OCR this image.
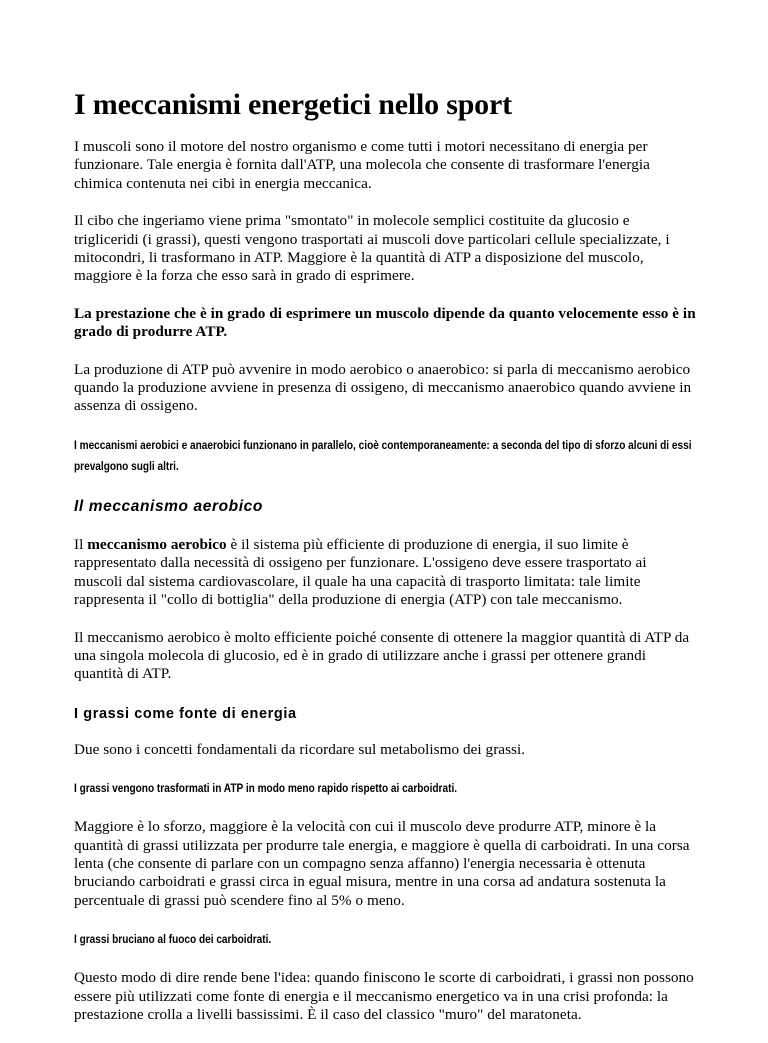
I meccanismi energetici nello sport

I muscoli sono il motore del nostro organismo e come tutti i motori necessitano di energia per funzionare. Tale energia è fornita dall'ATP, una molecola che consente di trasformare l'energia chimica contenuta nei cibi in energia meccanica.

Il cibo che ingeriamo viene prima "smontato" in molecole semplici costituite da glucosio e trigliceridi (i grassi), questi vengono trasportati ai muscoli dove particolari cellule specializzate, i mitocondri, li trasformano in ATP. Maggiore è la quantità di ATP a disposizione del muscolo, maggiore è la forza che esso sarà in grado di esprimere.

La prestazione che è in grado di esprimere un muscolo dipende da quanto velocemente esso è in grado di produrre ATP.

La produzione di ATP può avvenire in modo aerobico o anaerobico: si parla di meccanismo aerobico quando la produzione avviene in presenza di ossigeno, di meccanismo anaerobico quando avviene in assenza di ossigeno.

I meccanismi aerobici e anaerobici funzionano in parallelo, cioè contemporaneamente: a seconda del tipo di sforzo alcuni di essi prevalgono sugli altri.
Il meccanismo aerobico

Il meccanismo aerobico è il sistema più efficiente di produzione di energia, il suo limite è rappresentato dalla necessità di ossigeno per funzionare. L'ossigeno deve essere trasportato ai muscoli dal sistema cardiovascolare, il quale ha una capacità di trasporto limitata: tale limite rappresenta il "collo di bottiglia" della produzione di energia (ATP) con tale meccanismo.

Il meccanismo aerobico è molto efficiente poiché consente di ottenere la maggior quantità di ATP da una singola molecola di glucosio, ed è in grado di utilizzare anche i grassi per ottenere grandi quantità di ATP.

I grassi come fonte di energia

Due sono i concetti fondamentali da ricordare sul metabolismo dei grassi.

I grassi vengono trasformati in ATP in modo meno rapido rispetto ai carboidrati.

Maggiore è lo sforzo, maggiore è la velocità con cui il muscolo deve produrre ATP, minore è la quantità di grassi utilizzata per produrre tale energia, e maggiore è quella di carboidrati. In una corsa lenta (che consente di parlare con un compagno senza affanno) l'energia necessaria è ottenuta bruciando carboidrati e grassi circa in egual misura, mentre in una corsa ad andatura sostenuta la percentuale di grassi può scendere fino al 5% o meno.

I grassi bruciano al fuoco dei carboidrati.

Questo modo di dire rende bene l'idea: quando finiscono le scorte di carboidrati, i grassi non possono essere più utilizzati come fonte di energia e il meccanismo energetico va in una crisi profonda: la prestazione crolla a livelli bassissimi. È il caso del classico "muro" del maratoneta.
